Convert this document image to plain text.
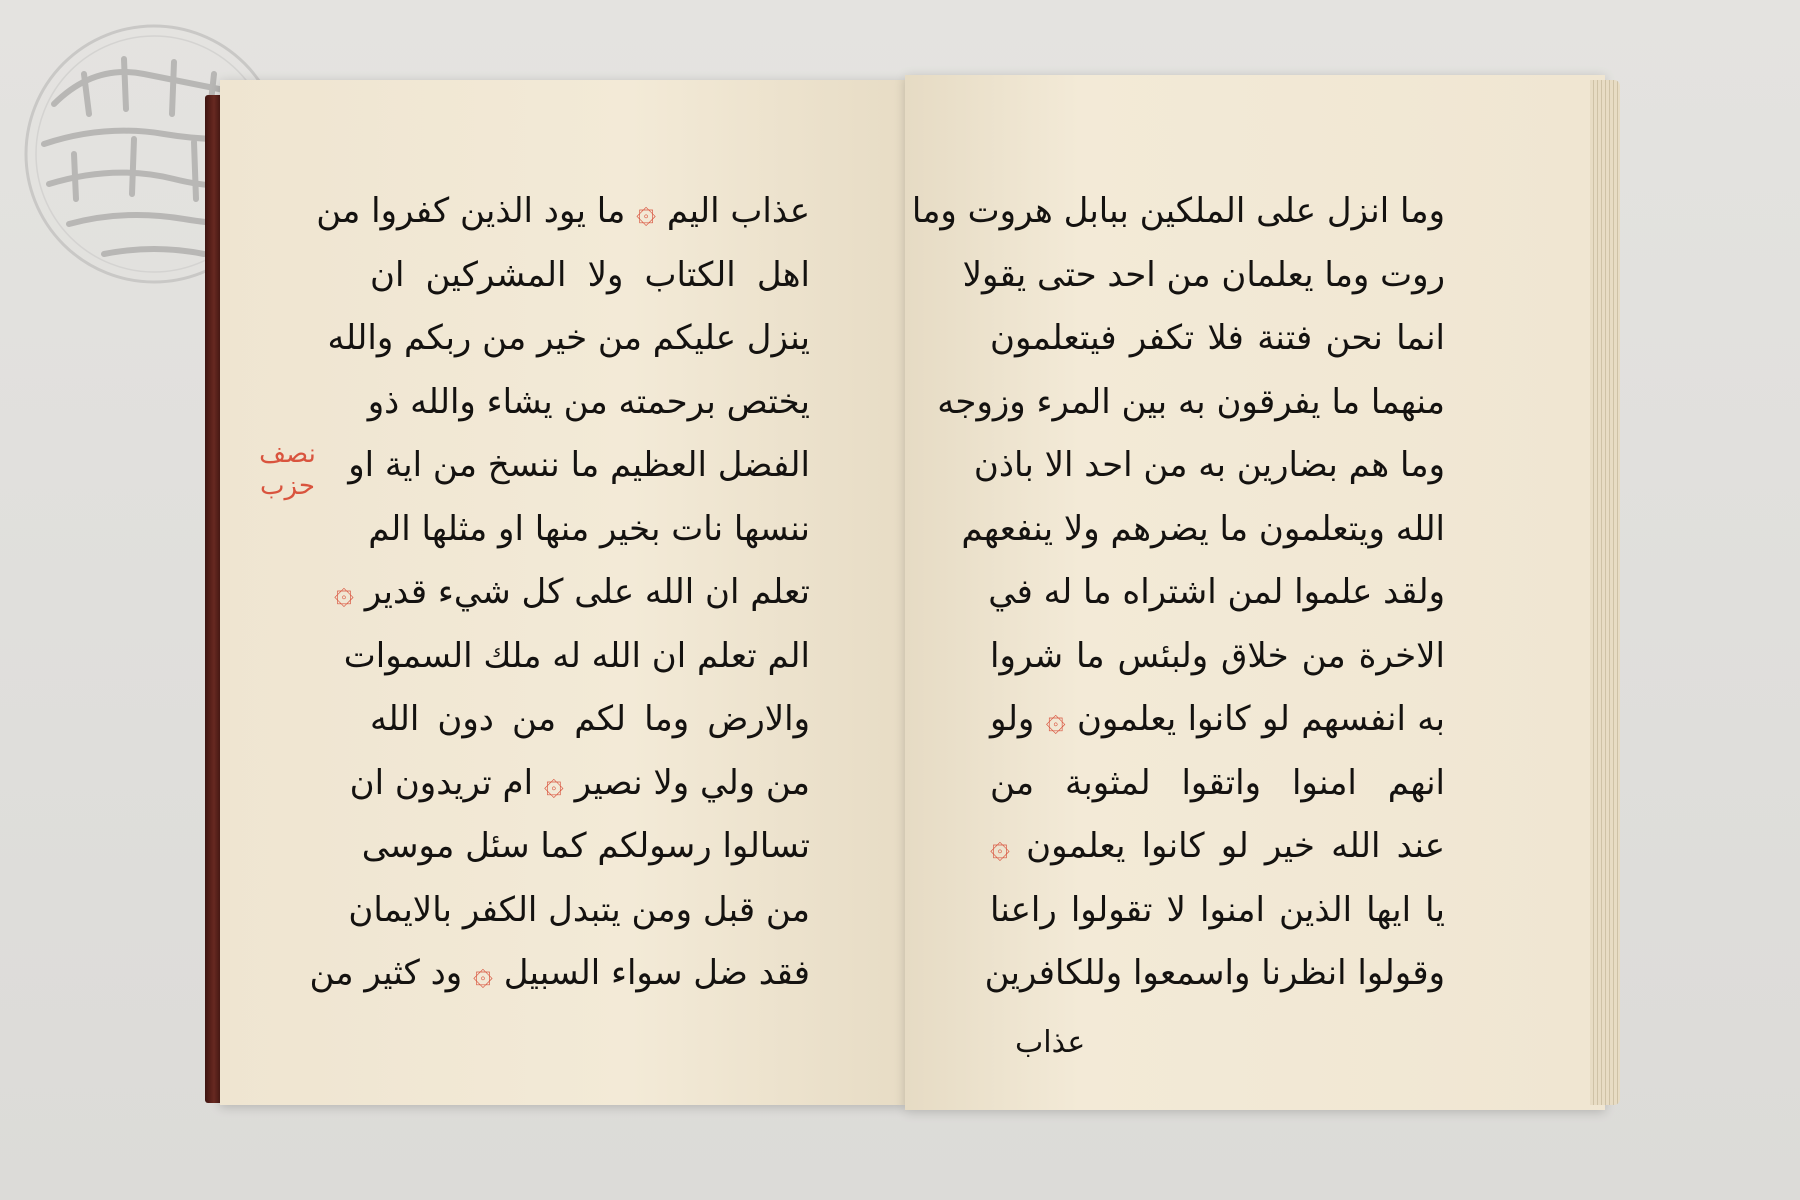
نصف
حزب
عذاب اليم ۞ ما يود الذين كفروا من
اهل الكتاب ولا المشركين ان
ينزل عليكم من خير من ربكم والله
يختص برحمته من يشاء والله ذو
الفضل العظيم ما ننسخ من اية او
ننسها نات بخير منها او مثلها الم
تعلم ان الله على كل شيء قدير ۞
الم تعلم ان الله له ملك السموات
والارض وما لكم من دون الله
من ولي ولا نصير ۞ ام تريدون ان
تسالوا رسولكم كما سئل موسى
من قبل ومن يتبدل الكفر بالايمان
فقد ضل سواء السبيل ۞ ود كثير من
وما انزل على الملكين ببابل هروت وما
روت وما يعلمان من احد حتى يقولا
انما نحن فتنة فلا تكفر فيتعلمون
منهما ما يفرقون به بين المرء وزوجه
وما هم بضارين به من احد الا باذن
الله ويتعلمون ما يضرهم ولا ينفعهم
ولقد علموا لمن اشتراه ما له في
الاخرة من خلاق ولبئس ما شروا
به انفسهم لو كانوا يعلمون ۞ ولو
انهم امنوا واتقوا لمثوبة من
عند الله خير لو كانوا يعلمون ۞
يا ايها الذين امنوا لا تقولوا راعنا
وقولوا انظرنا واسمعوا وللكافرين
عذاب
